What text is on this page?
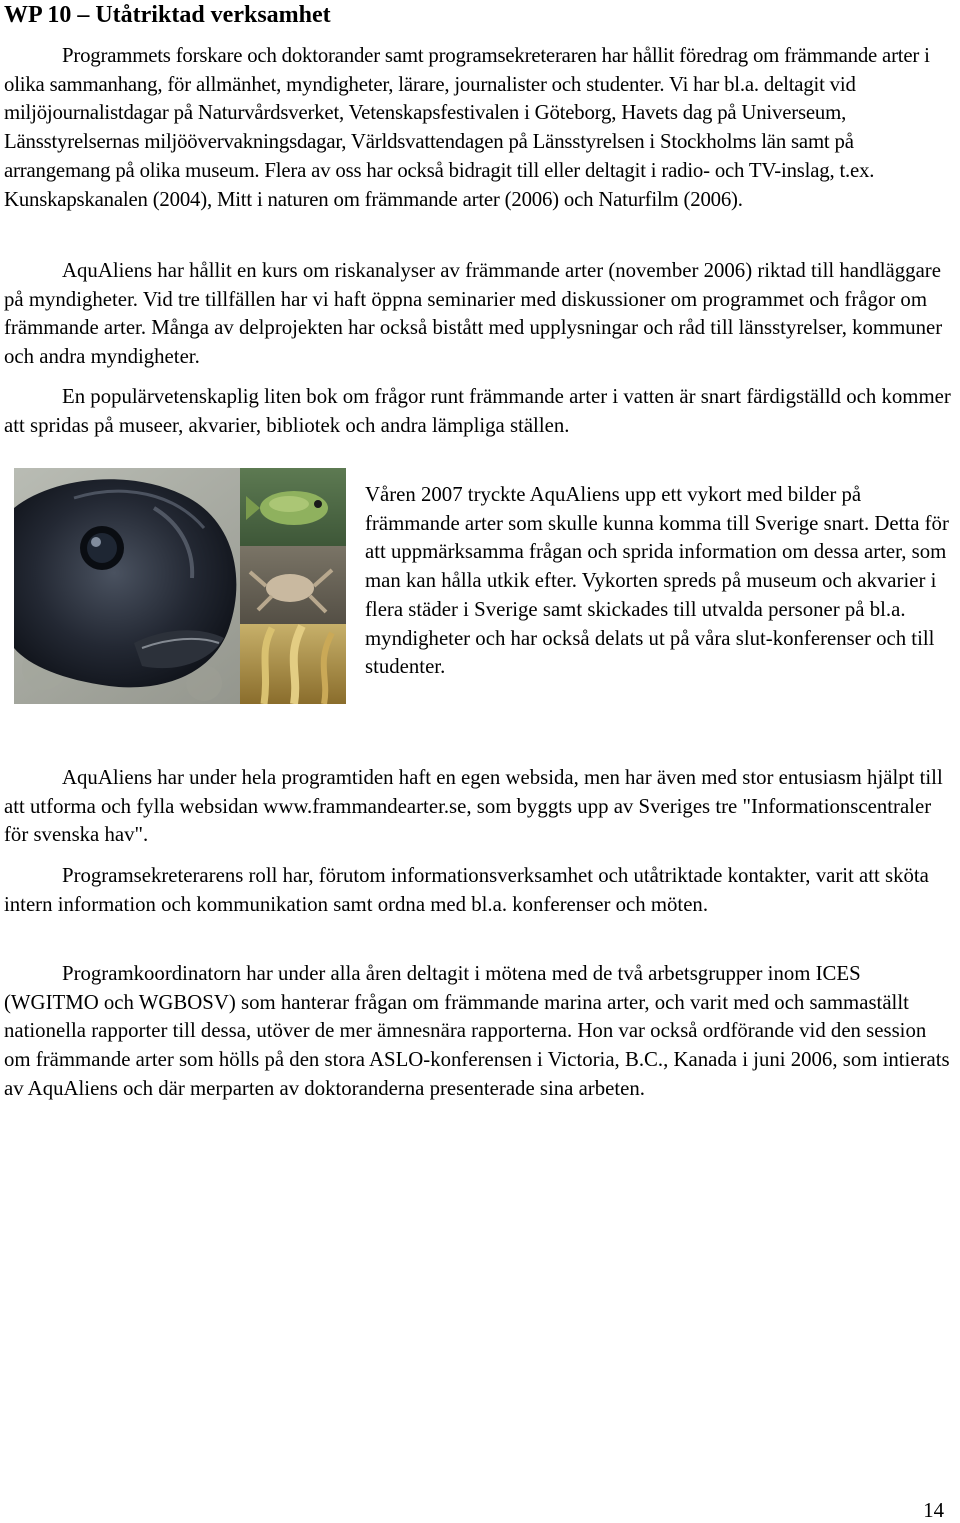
WP 10 – Utåtriktad verksamhet

Programmets forskare och doktorander samt programsekreteraren har hållit föredrag om främmande arter i olika sammanhang, för allmänhet, myndigheter, lärare, journalister och studenter. Vi har bl.a. deltagit vid miljöjournalistdagar på Naturvårdsverket, Vetenskapsfestivalen i Göteborg, Havets dag på Universeum, Länsstyrelsernas miljöövervakningsdagar, Världsvattendagen på Länsstyrelsen i Stockholms län samt på arrangemang på olika museum. Flera av oss har också bidragit till eller deltagit i radio- och TV-inslag, t.ex. Kunskapskanalen (2004), Mitt i naturen om främmande arter (2006) och Naturfilm (2006).

AquAliens har hållit en kurs om riskanalyser av främmande arter (november 2006) riktad till handläggare på myndigheter. Vid tre tillfällen har vi haft öppna seminarier med diskussioner om programmet och frågor om främmande arter. Många av delprojekten har också bistått med upplysningar och råd till länsstyrelser, kommuner och andra myndigheter.

En populärvetenskaplig liten bok om frågor runt främmande arter i vatten är snart färdigställd och kommer att spridas på museer, akvarier, bibliotek och andra lämpliga ställen.

Våren 2007 tryckte AquAliens upp ett vykort med bilder på främmande arter som skulle kunna komma till Sverige snart. Detta för att uppmärksamma frågan och sprida information om dessa arter, som man kan hålla utkik efter. Vykorten spreds på museum och akvarier i flera städer i Sverige samt skickades till utvalda personer på bl.a. myndigheter och har också delats ut på våra slut-konferenser och till studenter.

AquAliens har under hela programtiden haft en egen websida, men har även med stor entusiasm hjälpt till att utforma och fylla websidan www.frammandearter.se, som byggts upp av Sveriges tre "Informationscentraler för svenska hav".

Programsekreterarens roll har, förutom informationsverksamhet och utåtriktade kontakter, varit att sköta intern information och kommunikation samt ordna med bl.a. konferenser och möten.

Programkoordinatorn har under alla åren deltagit i mötena med de två arbetsgrupper inom ICES (WGITMO och WGBOSV) som hanterar frågan om främmande marina arter, och varit med och sammaställt nationella rapporter till dessa, utöver de mer ämnesnära rapporterna. Hon var också ordförande vid den session om främmande arter som hölls på den stora ASLO-konferensen i Victoria, B.C., Kanada i juni 2006, som intierats av AquAliens och där merparten av doktoranderna presenterade sina arbeten.

14
